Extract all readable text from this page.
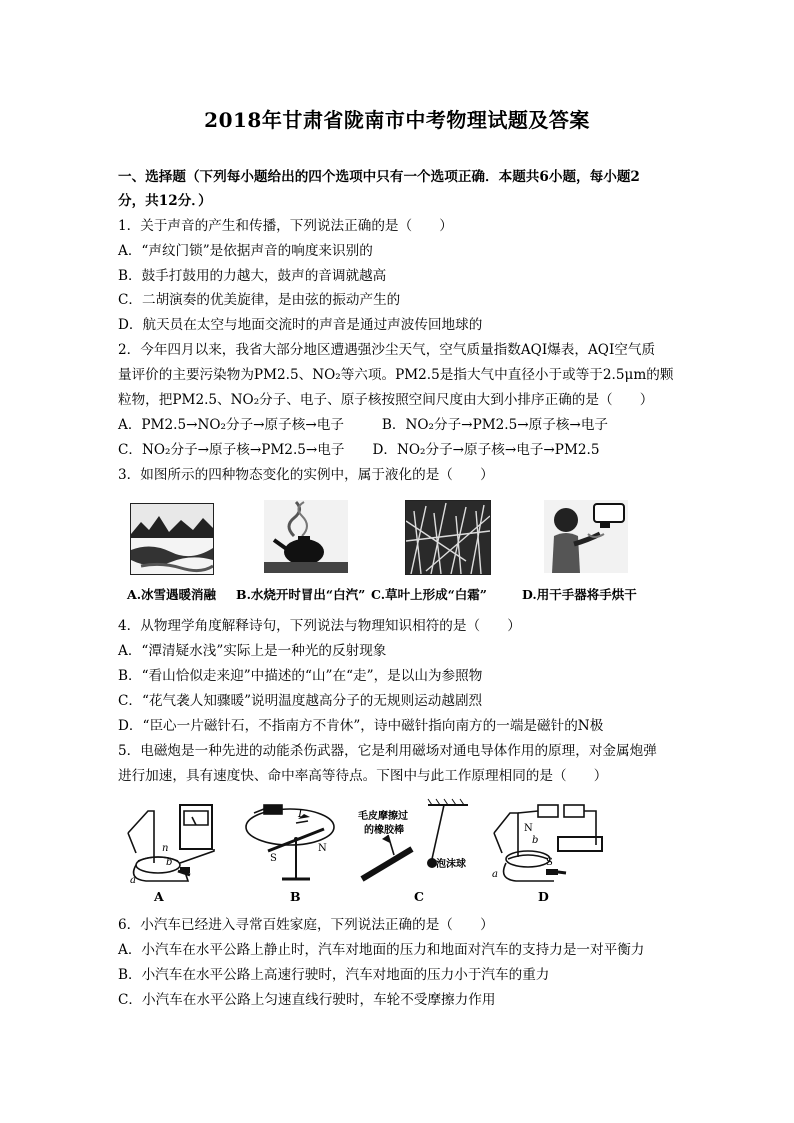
2018年甘肃省陇南市中考物理试题及答案
一、选择题（下列每小题给出的四个选项中只有一个选项正确．本题共6小题，每小题2
分，共12分．）
1．关于声音的产生和传播，下列说法正确的是（　　）
A．“声纹门锁”是依据声音的响度来识别的
B．鼓手打鼓用的力越大，鼓声的音调就越高
C．二胡演奏的优美旋律，是由弦的振动产生的
D．航天员在太空与地面交流时的声音是通过声波传回地球的
2．今年四月以来，我省大部分地区遭遇强沙尘天气，空气质量指数AQI爆表，AQI空气质
量评价的主要污染物为PM2.5、NO₂等六项。PM2.5是指大气中直径小于或等于2.5μm的颗
粒物，把PM2.5、NO₂分子、电子、原子核按照空间尺度由大到小排序正确的是（　　）
A．PM2.5→NO₂分子→原子核→电子	B．NO₂分子→PM2.5→原子核→电子
C．NO₂分子→原子核→PM2.5→电子 D．NO₂分子→原子核→电子→PM2.5
3．如图所示的四种物态变化的实例中，属于液化的是（　　）
A.冰雪遇暖消融 B.水烧开时冒出“白汽” C.草叶上形成“白霜”	D.用干手器将手烘干
4．从物理学角度解释诗句，下列说法与物理知识相符的是（　　）
A．“潭清疑水浅”实际上是一种光的反射现象
B．“看山恰似走来迎”中描述的“山”在“走”，是以山为参照物
C．“花气袭人知骤暖”说明温度越高分子的无规则运动越剧烈
D．“臣心一片磁针石，不指南方不肯休”，诗中磁针指向南方的一端是磁针的N极
5．电磁炮是一种先进的动能杀伤武器，它是利用磁场对通电导体作用的原理，对金属炮弹
进行加速，具有速度快、命中率高等待点。下图中与此工作原理相同的是（　　）
A	B	C	D
n
b
a
I
S
N
毛皮摩擦过
的橡胶棒
泡沫球
N
b
S
a
6．小汽车已经进入寻常百姓家庭，下列说法正确的是（　　）
A．小汽车在水平公路上静止时，汽车对地面的压力和地面对汽车的支持力是一对平衡力
B．小汽车在水平公路上高速行驶时，汽车对地面的压力小于汽车的重力
C．小汽车在水平公路上匀速直线行驶时，车轮不受摩擦力作用
